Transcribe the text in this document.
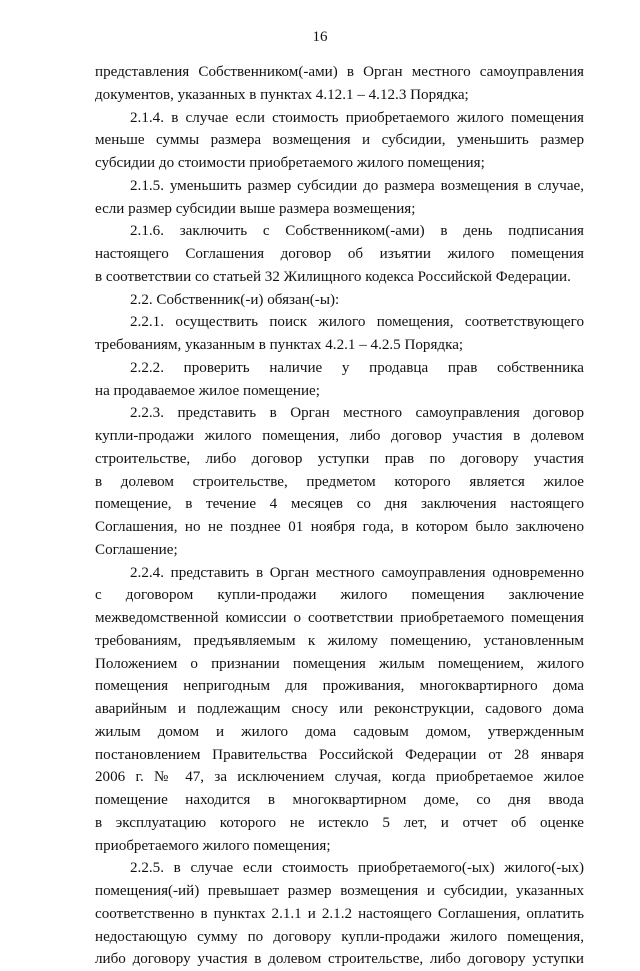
16
представления Собственником(-ами) в Орган местного самоуправления
документов, указанных в пунктах 4.12.1 – 4.12.3 Порядка;
2.1.4. в случае если стоимость приобретаемого жилого помещения
меньше суммы размера возмещения и субсидии, уменьшить размер
субсидии до стоимости приобретаемого жилого помещения;
2.1.5. уменьшить размер субсидии до размера возмещения в случае,
если размер субсидии выше размера возмещения;
2.1.6. заключить с Собственником(-ами) в день подписания
настоящего Соглашения договор об изъятии жилого помещения
в соответствии со статьей 32 Жилищного кодекса Российской Федерации.
2.2. Собственник(-и) обязан(-ы):
2.2.1. осуществить поиск жилого помещения, соответствующего
требованиям, указанным в пунктах 4.2.1 – 4.2.5 Порядка;
2.2.2. проверить наличие у продавца прав собственника
на продаваемое жилое помещение;
2.2.3. представить в Орган местного самоуправления договор
купли-продажи жилого помещения, либо договор участия в долевом
строительстве, либо договор уступки прав по договору участия
в долевом строительстве, предметом которого является жилое
помещение, в течение 4 месяцев со дня заключения настоящего
Соглашения, но не позднее 01 ноября года, в котором было заключено
Соглашение;
2.2.4. представить в Орган местного самоуправления одновременно
с договором купли-продажи жилого помещения заключение
межведомственной комиссии о соответствии приобретаемого помещения
требованиям, предъявляемым к жилому помещению, установленным
Положением о признании помещения жилым помещением, жилого
помещения непригодным для проживания, многоквартирного дома
аварийным и подлежащим сносу или реконструкции, садового дома
жилым домом и жилого дома садовым домом, утвержденным
постановлением Правительства Российской Федерации от 28 января
2006 г. № 47, за исключением случая, когда приобретаемое жилое
помещение находится в многоквартирном доме, со дня ввода
в эксплуатацию которого не истекло 5 лет, и отчет об оценке
приобретаемого жилого помещения;
2.2.5. в случае если стоимость приобретаемого(-ых) жилого(-ых)
помещения(-ий) превышает размер возмещения и субсидии, указанных
соответственно в пунктах 2.1.1 и 2.1.2 настоящего Соглашения, оплатить
недостающую сумму по договору купли-продажи жилого помещения,
либо договору участия в долевом строительстве, либо договору уступки
